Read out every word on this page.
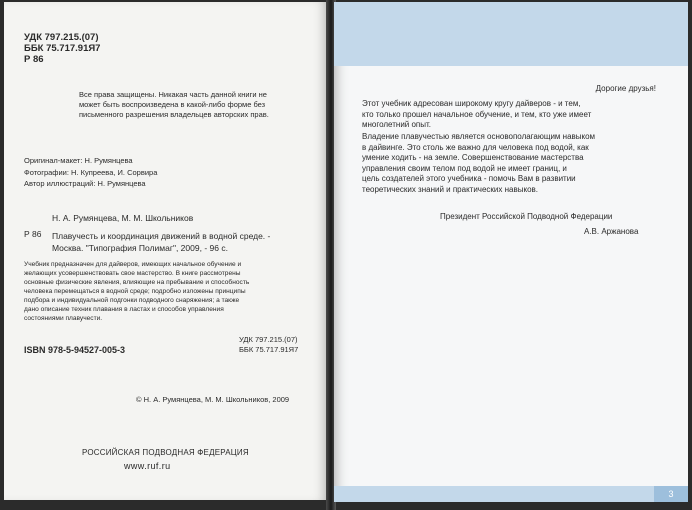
УДК 797.215.(07)
ББК 75.717.91Я7
Р 86
Все права защищены. Никакая часть данной книги не
может быть воспроизведена в какой-либо форме без
письменного разрешения владельцев авторских прав.
Оригинал-макет: Н. Румянцева
Фотографии: Н. Купреева, И. Сорвира
Автор иллюстраций: Н. Румянцева
Н. А. Румянцева, М. М. Школьников
Р 86 Плавучесть и координация движений в водной среде. -
Москва. "Типография Полимаг", 2009, - 96 с.
Учебник предназначен для дайверов, имеющих начальное обучение и
желающих усовершенствовать свое мастерство. В книге рассмотрены
основные физические явления, влияющие на пребывание и способность
человека перемещаться в водной среде; подробно изложены принципы
подбора и индивидуальной подгонки подводного снаряжения; а также
дано описание техник плавания в ластах и способов управления
состояниями плавучести.
ISBN 978-5-94527-005-3
УДК 797.215.(07)
ББК 75.717.91Я7
© Н. А. Румянцева, М. М. Школьников, 2009
РОССИЙСКАЯ ПОДВОДНАЯ ФЕДЕРАЦИЯ
www.ruf.ru
Дорогие друзья!
Этот учебник адресован широкому кругу дайверов - и тем,
кто только прошел начальное обучение, и тем, кто уже имеет
многолетний опыт.
Владение плавучестью является основополагающим навыком
в дайвинге. Это столь же важно для человека под водой, как
умение ходить - на земле. Совершенствование мастерства
управления своим телом под водой не имеет границ, и
цель создателей этого учебника - помочь Вам в развитии
теоретических знаний и практических навыков.
Президент Российской Подводной Федерации
А.В. Аржанова
3
